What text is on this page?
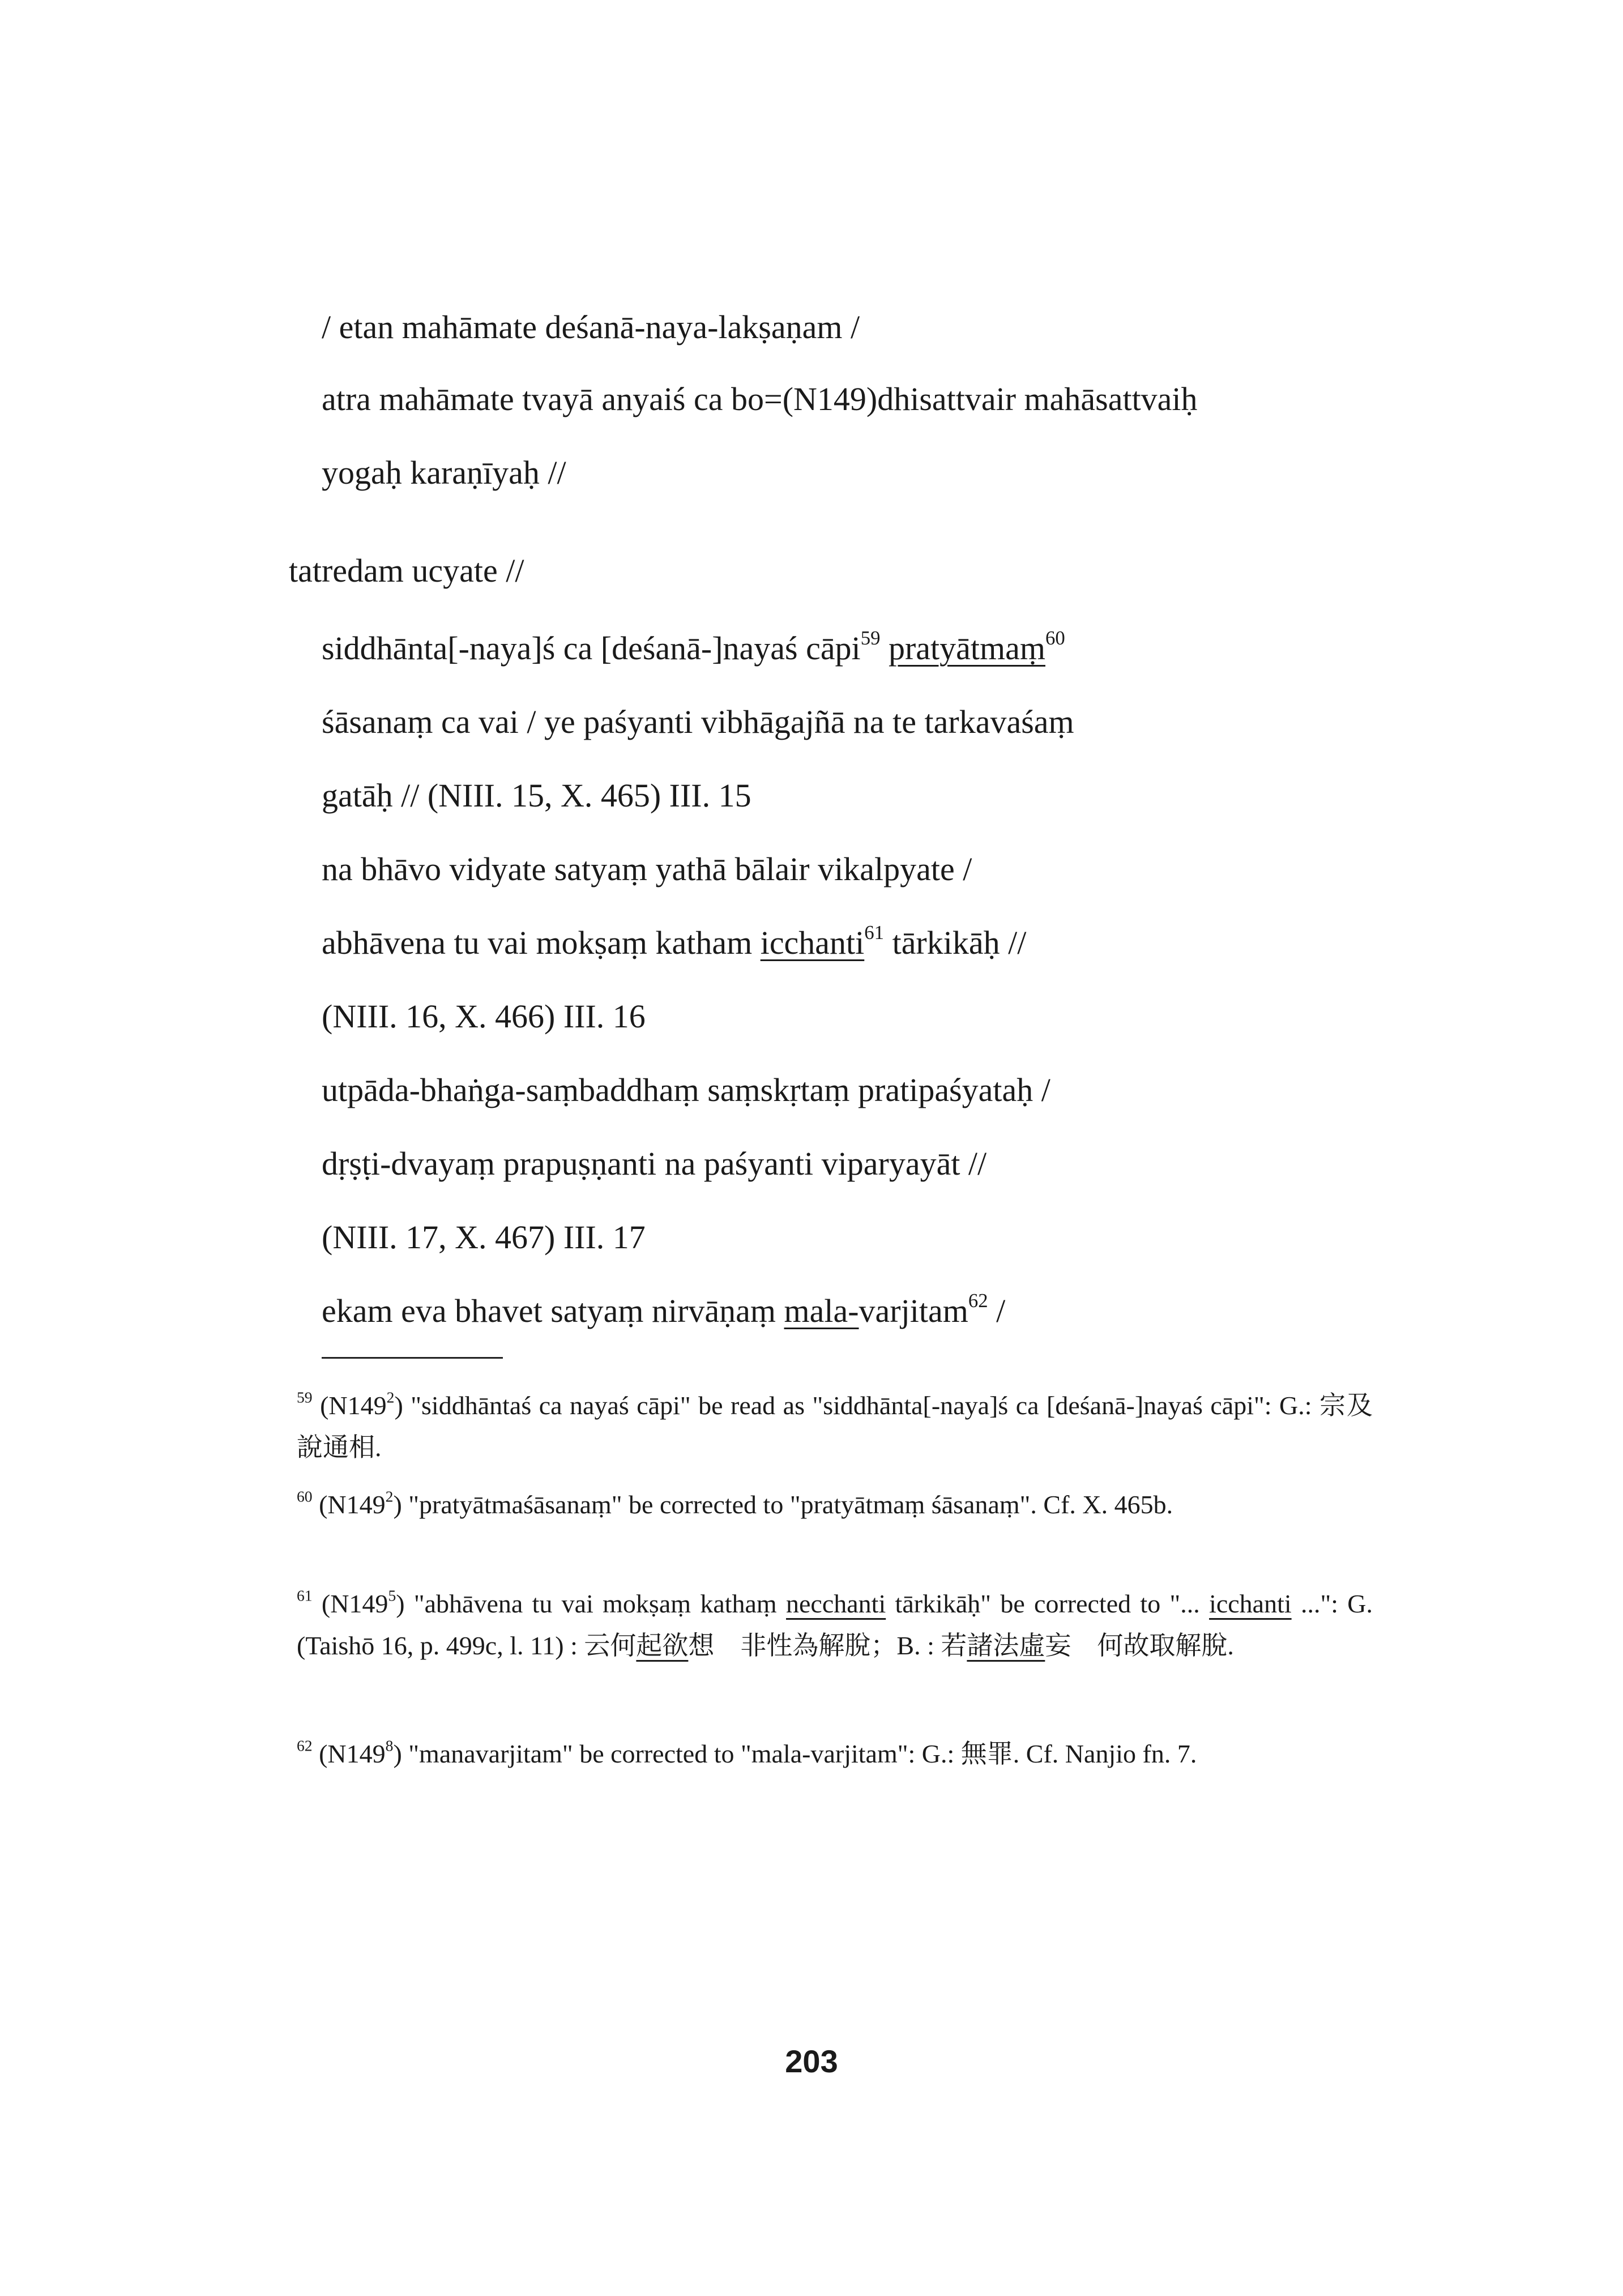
/ etan mahāmate deśanā-naya-lakṣaṇam /
atra mahāmate tvayā anyaiś ca bo=(N149)dhisattvair mahāsattvaiḥ
yogaḥ karaṇīyaḥ //
tatredam ucyate //
siddhānta[-naya]ś ca [deśanā-]nayaś cāpi$^{59}$ pratyātmaṃ$^{60}$
śāsanaṃ ca vai / ye paśyanti vibhāgajñā na te tarkavaśaṃ
gatāḥ // (NIII. 15, X. 465) III. 15
na bhāvo vidyate satyaṃ yathā bālair vikalpyate /
abhāvena tu vai mokṣaṃ katham icchanti$^{61}$ tārkikāḥ //
(NIII. 16, X. 466) III. 16
utpāda-bhaṅga-saṃbaddhaṃ saṃskṛtaṃ pratipaśyataḥ /
dṛṣṭi-dvayaṃ prapuṣṇanti na paśyanti viparyayāt //
(NIII. 17, X. 467) III. 17
ekam eva bhavet satyaṃ nirvāṇaṃ mala-varjitam$^{62}$ /
$^{59}$ $(N149^2)$ "siddhāntaś ca nayaś cāpi" be read as "siddhānta[-naya]ś ca [deśanā-]nayaś cāpi": G.: 宗及說通相.
$^{60}$ $(N149^2)$ "pratyātmaśāsanaṃ" be corrected to "pratyātmaṃ śāsanaṃ". Cf. X. 465b.
$^{61}$ $(N149^5)$ "abhāvena tu vai mokṣaṃ kathaṃ necchanti tārkikāḥ" be corrected to "... icchanti ...": G. (Taishō 16, p. 499c, l. 11) : 云何起欲想　非性為解脫；B. : 若諸法虛妄　何故取解脫.
$^{62}$ $(N149^8)$ "manavarjitam" be corrected to "mala-varjitam": G.: 無罪. Cf. Nanjio fn. 7.
203
